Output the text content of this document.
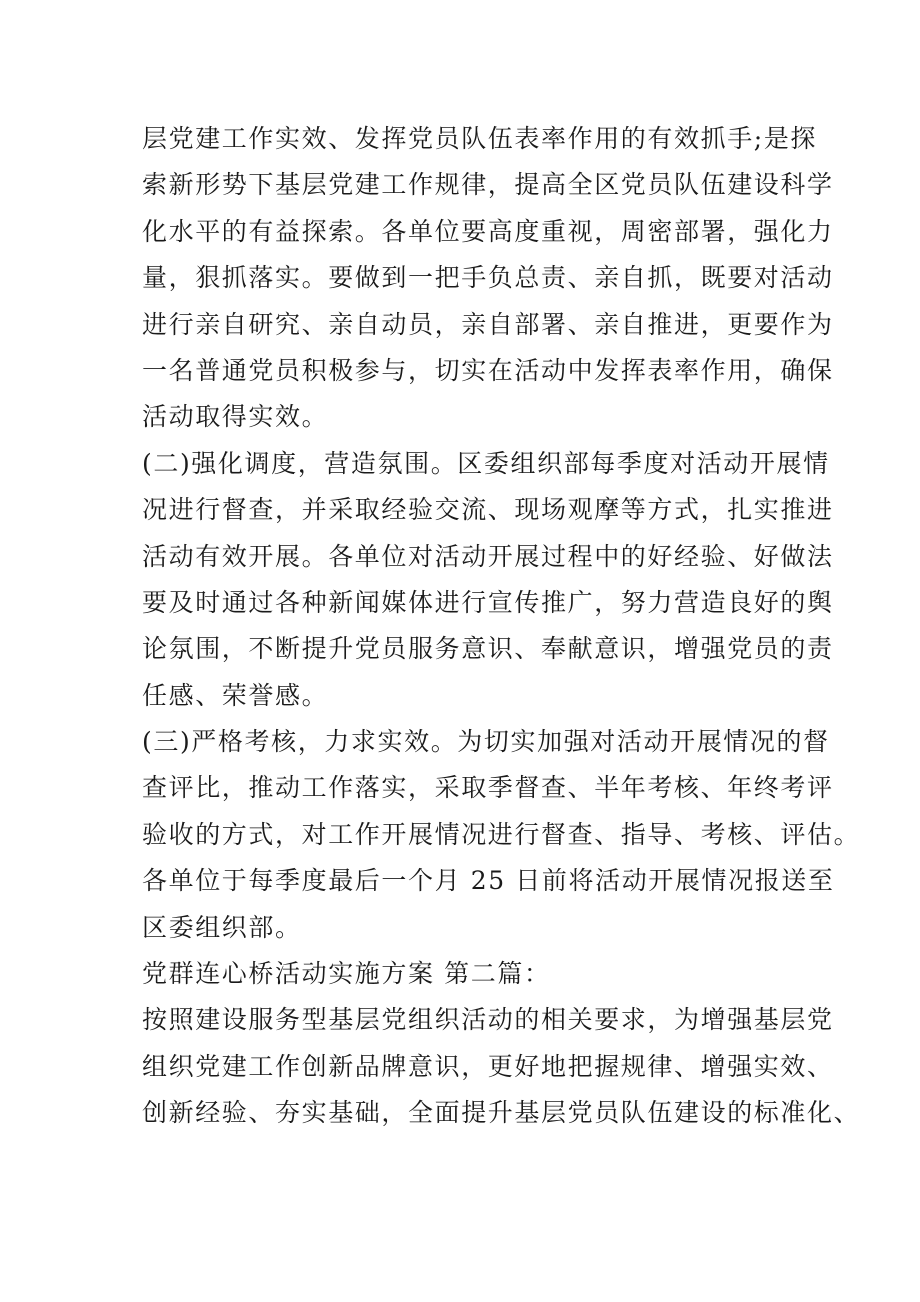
层党建工作实效、发挥党员队伍表率作用的有效抓手;是探
索新形势下基层党建工作规律，提高全区党员队伍建设科学
化水平的有益探索。各单位要高度重视，周密部署，强化力
量，狠抓落实。要做到一把手负总责、亲自抓，既要对活动
进行亲自研究、亲自动员，亲自部署、亲自推进，更要作为
一名普通党员积极参与，切实在活动中发挥表率作用，确保
活动取得实效。
(二)强化调度，营造氛围。区委组织部每季度对活动开展情
况进行督查，并采取经验交流、现场观摩等方式，扎实推进
活动有效开展。各单位对活动开展过程中的好经验、好做法
要及时通过各种新闻媒体进行宣传推广，努力营造良好的舆
论氛围，不断提升党员服务意识、奉献意识，增强党员的责
任感、荣誉感。
(三)严格考核，力求实效。为切实加强对活动开展情况的督
查评比，推动工作落实，采取季督查、半年考核、年终考评
验收的方式，对工作开展情况进行督查、指导、考核、评估。
各单位于每季度最后一个月 25 日前将活动开展情况报送至
区委组织部。
党群连心桥活动实施方案 第二篇：
按照建设服务型基层党组织活动的相关要求，为增强基层党
组织党建工作创新品牌意识，更好地把握规律、增强实效、
创新经验、夯实基础，全面提升基层党员队伍建设的标准化、
